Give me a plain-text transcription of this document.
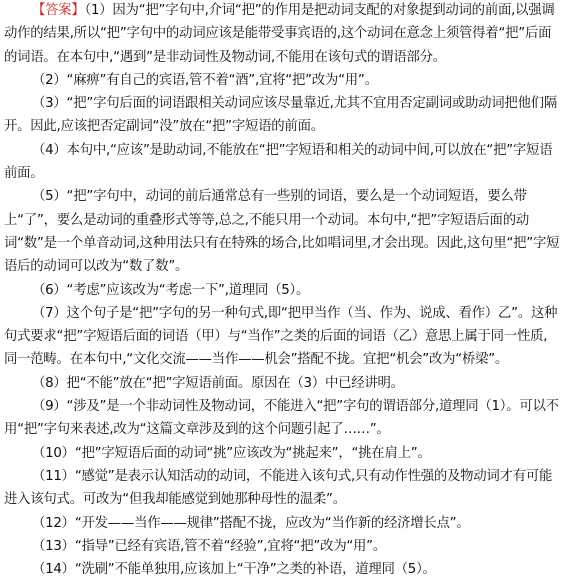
【答案】（1）因为“把”字句中,介词“把”的作用是把动词支配的对象提到动词的前面,以强调动作的结果,所以“把”字句中的动词应该是能带受事宾语的,这个动词在意念上须管得着“把”后面的词语。在本句中,“遇到”是非动词性及物动词,不能用在该句式的谓语部分。

（2）“麻痹”有自己的宾语,管不着“酒”,宜将“把”改为“用”。

（3）“把”字句后面的词语跟相关动词应该尽量靠近,尤其不宜用否定副词或助动词把他们隔开。因此,应该把否定副词“没”放在“把”字短语的前面。

（4）本句中,“应该”是助动词,不能放在“把”字短语和相关的动词中间,可以放在“把”字短语前面。

（5）“把”字句中，动词的前后通常总有一些别的词语，要么是一个动词短语，要么带上“了”，要么是动词的重叠形式等等,总之,不能只用一个动词。本句中,“把”字短语后面的动词“数”是一个单音动词,这种用法只有在特殊的场合,比如唱词里,才会出现。因此,这句里“把”字短语后的动词可以改为“数了数”。

（6）“考虑”应该改为“考虑一下”,道理同（5）。

（7）这个句子是“把”字句的另一种句式,即“把甲当作（当、作为、说成、看作）乙”。这种句式要求“把”字短语后面的词语（甲）与“当作”之类的后面的词语（乙）意思上属于同一性质,同一范畴。在本句中,“文化交流——当作——机会”搭配不拢。宜把“机会”改为“桥梁”。

（8）把“不能”放在“把”字短语前面。原因在（3）中已经讲明。

（9）“涉及”是一个非动词性及物动词，不能进入“把”字句的谓语部分,道理同（1）。可以不用“把”字句来表述,改为“这篇文章涉及到的这个问题引起了……”。

（10）“把”字短语后面的动词“挑”应该改为“挑起来”，“挑在肩上”。

（11）“感觉”是表示认知活动的动词，不能进入该句式,只有动作性强的及物动词才有可能进入该句式。可改为“但我却能感觉到她那种母性的温柔”。

（12）“开发——当作——规律”搭配不拢，应改为“当作新的经济增长点”。

（13）“指导”已经有宾语,管不着“经验”,宜将“把”改为“用”。

（14）“洗刷”不能单独用,应该加上“干净”之类的补语，道理同（5）。
